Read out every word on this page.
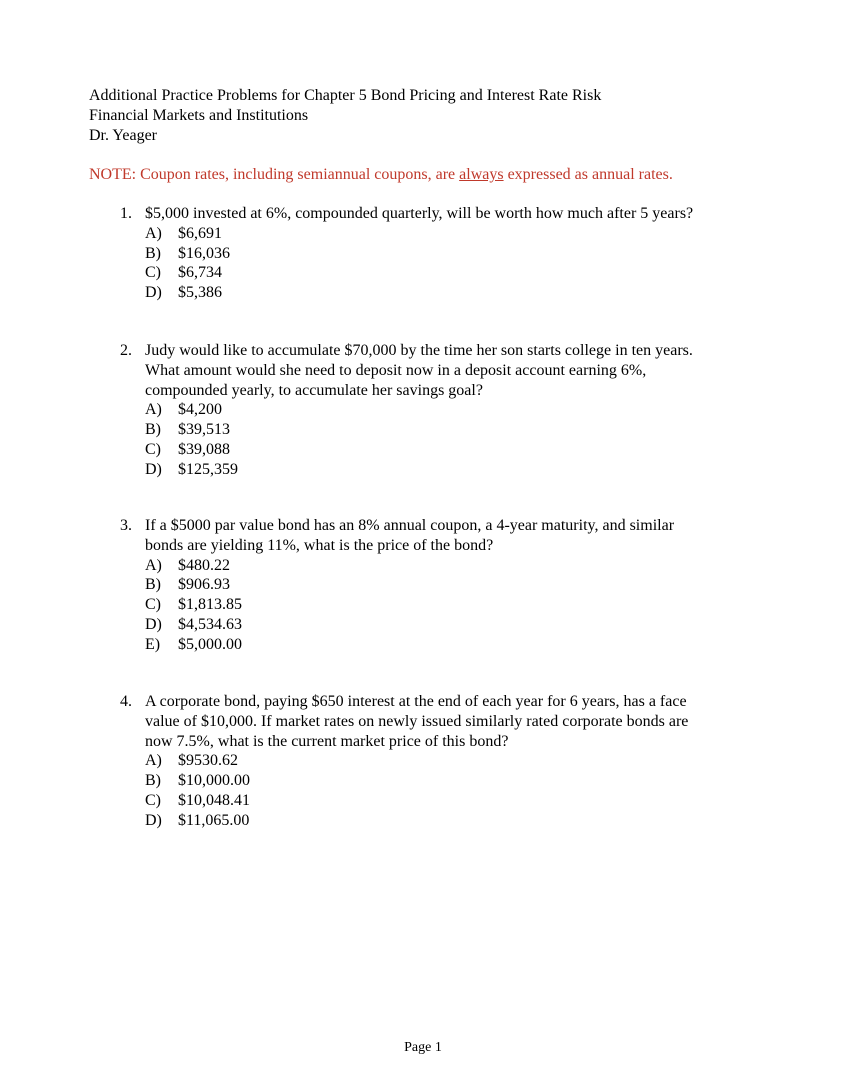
Additional Practice Problems for Chapter 5 Bond Pricing and Interest Rate Risk
Financial Markets and Institutions
Dr. Yeager
NOTE: Coupon rates, including semiannual coupons, are always expressed as annual rates.
1. $5,000 invested at 6%, compounded quarterly, will be worth how much after 5 years?
A) $6,691
B) $16,036
C) $6,734
D) $5,386
2. Judy would like to accumulate $70,000 by the time her son starts college in ten years.
What amount would she need to deposit now in a deposit account earning 6%,
compounded yearly, to accumulate her savings goal?
A) $4,200
B) $39,513
C) $39,088
D) $125,359
3. If a $5000 par value bond has an 8% annual coupon, a 4-year maturity, and similar
bonds are yielding 11%, what is the price of the bond?
A) $480.22
B) $906.93
C) $1,813.85
D) $4,534.63
E) $5,000.00
4. A corporate bond, paying $650 interest at the end of each year for 6 years, has a face
value of $10,000. If market rates on newly issued similarly rated corporate bonds are
now 7.5%, what is the current market price of this bond?
A) $9530.62
B) $10,000.00
C) $10,048.41
D) $11,065.00
Page 1
